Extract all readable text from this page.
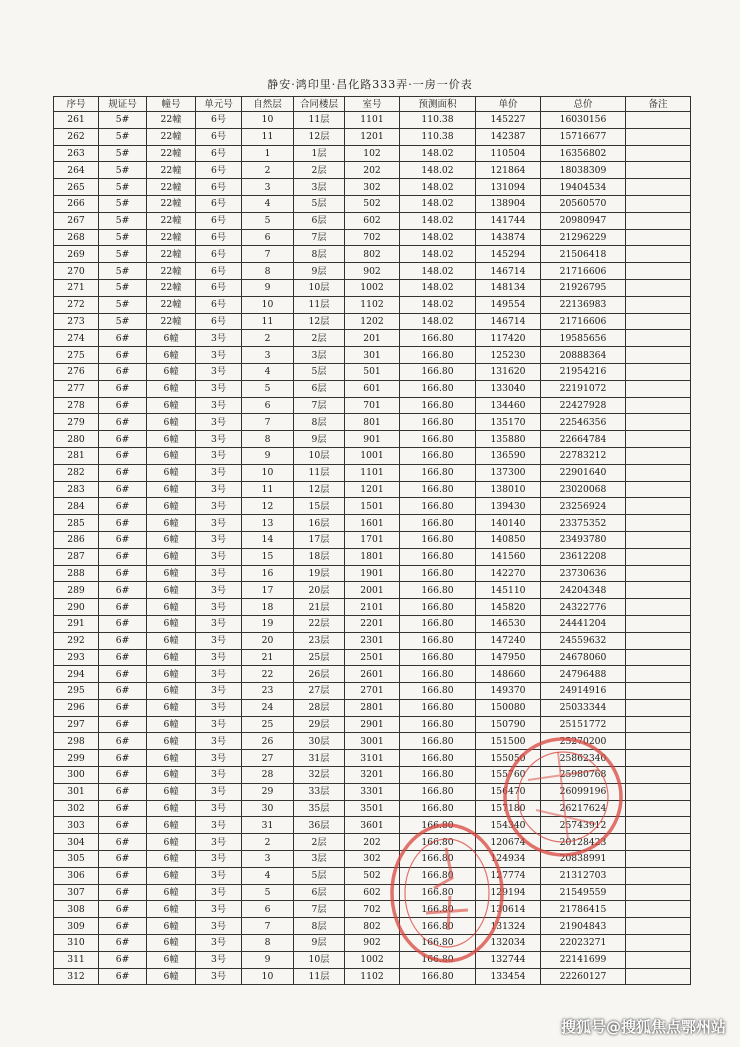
静安·鸿印里·昌化路333弄·一房一价表
序号	规证号	幢号	单元号	自然层	合同楼层	室号	预测面积	单价	总价	备注
261	5#	22幢	6号	10	11层	1101	110.38	145227	16030156	
262	5#	22幢	6号	11	12层	1201	110.38	142387	15716677	
263	5#	22幢	6号	1	1层	102	148.02	110504	16356802	
264	5#	22幢	6号	2	2层	202	148.02	121864	18038309	
265	5#	22幢	6号	3	3层	302	148.02	131094	19404534	
266	5#	22幢	6号	4	5层	502	148.02	138904	20560570	
267	5#	22幢	6号	5	6层	602	148.02	141744	20980947	
268	5#	22幢	6号	6	7层	702	148.02	143874	21296229	
269	5#	22幢	6号	7	8层	802	148.02	145294	21506418	
270	5#	22幢	6号	8	9层	902	148.02	146714	21716606	
271	5#	22幢	6号	9	10层	1002	148.02	148134	21926795	
272	5#	22幢	6号	10	11层	1102	148.02	149554	22136983	
273	5#	22幢	6号	11	12层	1202	148.02	146714	21716606	
274	6#	6幢	3号	2	2层	201	166.80	117420	19585656	
275	6#	6幢	3号	3	3层	301	166.80	125230	20888364	
276	6#	6幢	3号	4	5层	501	166.80	131620	21954216	
277	6#	6幢	3号	5	6层	601	166.80	133040	22191072	
278	6#	6幢	3号	6	7层	701	166.80	134460	22427928	
279	6#	6幢	3号	7	8层	801	166.80	135170	22546356	
280	6#	6幢	3号	8	9层	901	166.80	135880	22664784	
281	6#	6幢	3号	9	10层	1001	166.80	136590	22783212	
282	6#	6幢	3号	10	11层	1101	166.80	137300	22901640	
283	6#	6幢	3号	11	12层	1201	166.80	138010	23020068	
284	6#	6幢	3号	12	15层	1501	166.80	139430	23256924	
285	6#	6幢	3号	13	16层	1601	166.80	140140	23375352	
286	6#	6幢	3号	14	17层	1701	166.80	140850	23493780	
287	6#	6幢	3号	15	18层	1801	166.80	141560	23612208	
288	6#	6幢	3号	16	19层	1901	166.80	142270	23730636	
289	6#	6幢	3号	17	20层	2001	166.80	145110	24204348	
290	6#	6幢	3号	18	21层	2101	166.80	145820	24322776	
291	6#	6幢	3号	19	22层	2201	166.80	146530	24441204	
292	6#	6幢	3号	20	23层	2301	166.80	147240	24559632	
293	6#	6幢	3号	21	25层	2501	166.80	147950	24678060	
294	6#	6幢	3号	22	26层	2601	166.80	148660	24796488	
295	6#	6幢	3号	23	27层	2701	166.80	149370	24914916	
296	6#	6幢	3号	24	28层	2801	166.80	150080	25033344	
297	6#	6幢	3号	25	29层	2901	166.80	150790	25151772	
298	6#	6幢	3号	26	30层	3001	166.80	151500	25270200	
299	6#	6幢	3号	27	31层	3101	166.80	155050	25862340	
300	6#	6幢	3号	28	32层	3201	166.80	155760	25980768	
301	6#	6幢	3号	29	33层	3301	166.80	156470	26099196	
302	6#	6幢	3号	30	35层	3501	166.80	157180	26217624	
303	6#	6幢	3号	31	36层	3601	166.80	154340	25743912	
304	6#	6幢	3号	2	2层	202	166.80	120674	20128423	
305	6#	6幢	3号	3	3层	302	166.80	124934	20838991	
306	6#	6幢	3号	4	5层	502	166.80	127774	21312703	
307	6#	6幢	3号	5	6层	602	166.80	129194	21549559	
308	6#	6幢	3号	6	7层	702	166.80	130614	21786415	
309	6#	6幢	3号	7	8层	802	166.80	131324	21904843	
310	6#	6幢	3号	8	9层	902	166.80	132034	22023271	
311	6#	6幢	3号	9	10层	1002	166.80	132744	22141699	
312	6#	6幢	3号	10	11层	1102	166.80	133454	22260127	
搜狐号@搜狐焦点鄂州站
